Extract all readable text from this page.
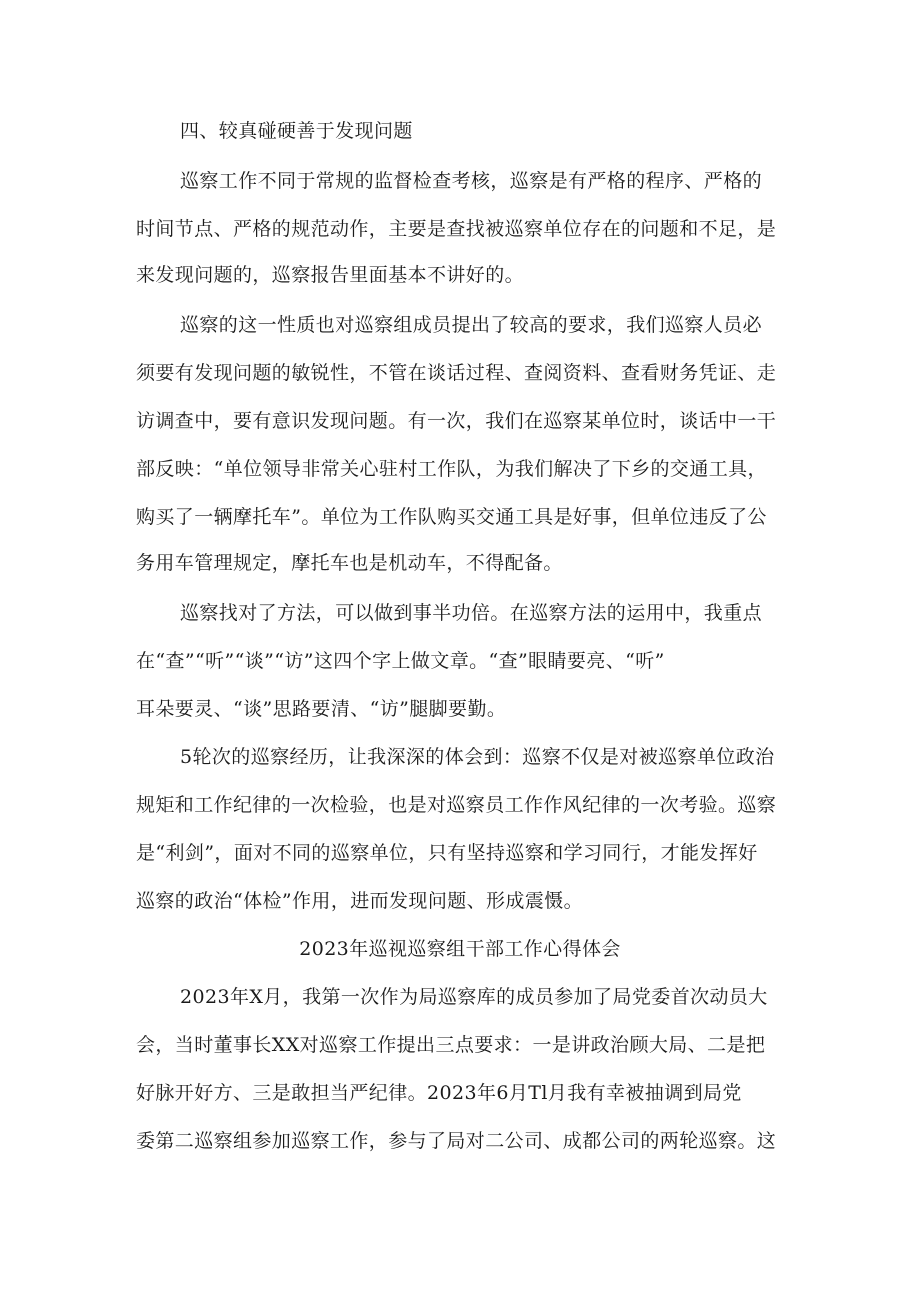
四、较真碰硬善于发现问题
巡察工作不同于常规的监督检查考核，巡察是有严格的程序、严格的
时间节点、严格的规范动作，主要是查找被巡察单位存在的问题和不足，是
来发现问题的，巡察报告里面基本不讲好的。
巡察的这一性质也对巡察组成员提出了较高的要求，我们巡察人员必
须要有发现问题的敏锐性，不管在谈话过程、查阅资料、查看财务凭证、走
访调查中，要有意识发现问题。有一次，我们在巡察某单位时，谈话中一干
部反映：“单位领导非常关心驻村工作队，为我们解决了下乡的交通工具，
购买了一辆摩托车”。单位为工作队购买交通工具是好事，但单位违反了公
务用车管理规定，摩托车也是机动车，不得配备。
巡察找对了方法，可以做到事半功倍。在巡察方法的运用中，我重点
在“查”“听”“谈”“访”这四个字上做文章。“查”眼睛要亮、“听”
耳朵要灵、“谈”思路要清、“访”腿脚要勤。
5轮次的巡察经历，让我深深的体会到：巡察不仅是对被巡察单位政治
规矩和工作纪律的一次检验，也是对巡察员工作作风纪律的一次考验。巡察
是“利剑”，面对不同的巡察单位，只有坚持巡察和学习同行，才能发挥好
巡察的政治“体检”作用，进而发现问题、形成震慑。
2023年巡视巡察组干部工作心得体会
2023年X月，我第一次作为局巡察库的成员参加了局党委首次动员大
会，当时董事长XX对巡察工作提出三点要求：一是讲政治顾大局、二是把
好脉开好方、三是敢担当严纪律。2023年6月Tl月我有幸被抽调到局党
委第二巡察组参加巡察工作，参与了局对二公司、成都公司的两轮巡察。这
